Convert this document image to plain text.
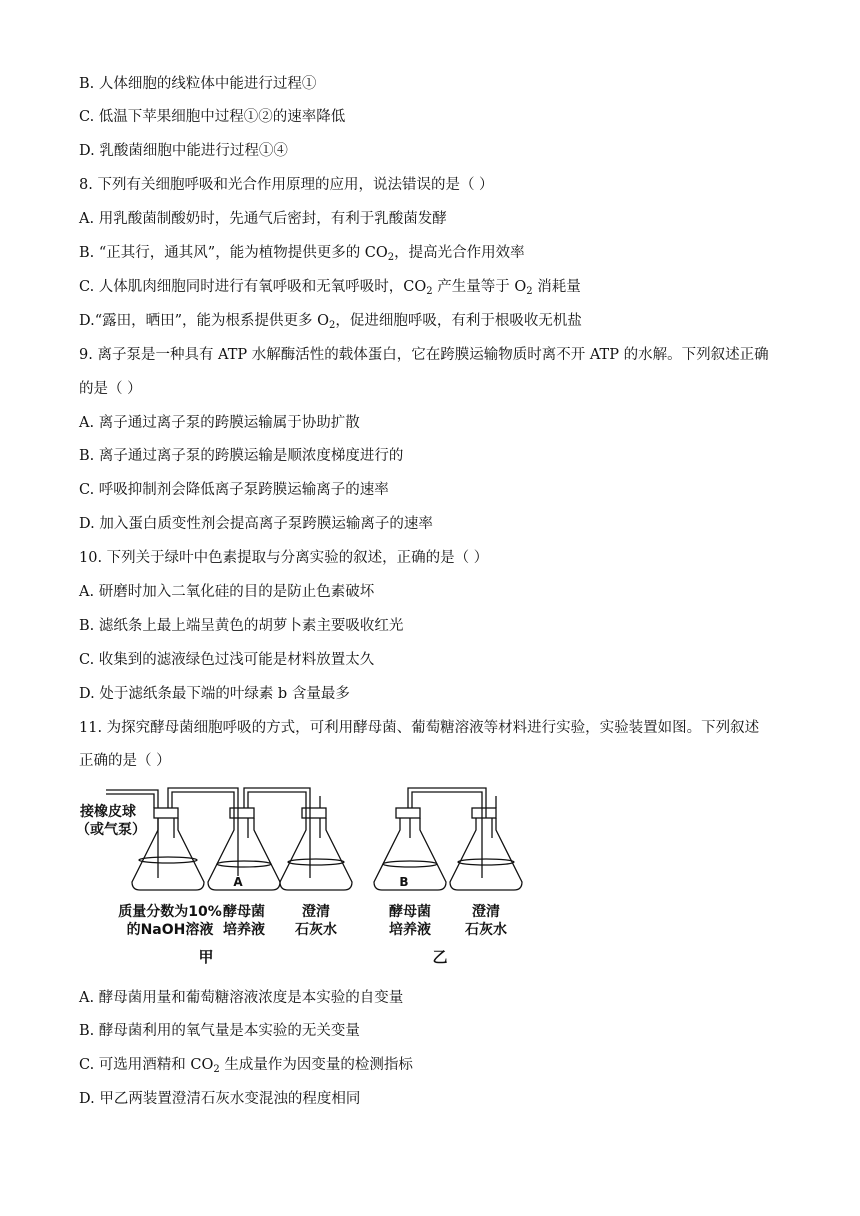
B. 人体细胞的线粒体中能进行过程①
C. 低温下苹果细胞中过程①②的速率降低
D. 乳酸菌细胞中能进行过程①④
8. 下列有关细胞呼吸和光合作用原理的应用，说法错误的是（ ）
A. 用乳酸菌制酸奶时，先通气后密封，有利于乳酸菌发酵
B. “正其行，通其风”，能为植物提供更多的 $CO_2$，提高光合作用效率
C. 人体肌肉细胞同时进行有氧呼吸和无氧呼吸时，$CO_2$ 产生量等于 $O_2$ 消耗量
D.“露田，晒田”，能为根系提供更多 $O_2$，促进细胞呼吸，有利于根吸收无机盐
9. 离子泵是一种具有 ATP 水解酶活性的载体蛋白，它在跨膜运输物质时离不开 ATP 的水解。下列叙述正确
的是（ ）
A. 离子通过离子泵的跨膜运输属于协助扩散
B. 离子通过离子泵的跨膜运输是顺浓度梯度进行的
C. 呼吸抑制剂会降低离子泵跨膜运输离子的速率
D. 加入蛋白质变性剂会提高离子泵跨膜运输离子的速率
10. 下列关于绿叶中色素提取与分离实验的叙述，正确的是（ ）
A. 研磨时加入二氧化硅的目的是防止色素破坏
B. 滤纸条上最上端呈黄色的胡萝卜素主要吸收红光
C. 收集到的滤液绿色过浅可能是材料放置太久
D. 处于滤纸条最下端的叶绿素 b 含量最多
11. 为探究酵母菌细胞呼吸的方式，可利用酵母菌、葡萄糖溶液等材料进行实验，实验装置如图。下列叙述
正确的是（ ）
A. 酵母菌用量和葡萄糖溶液浓度是本实验的自变量
B. 酵母菌利用的氧气量是本实验的无关变量
C. 可选用酒精和 $CO_2$ 生成量作为因变量的检测指标
D. 甲乙两装置澄清石灰水变混浊的程度相同
接橡皮球
（或气泵）
A	B
质量分数为10%
的NaOH溶液
酵母菌
培养液
澄清
石灰水
酵母菌
培养液
澄清
石灰水
甲	乙
